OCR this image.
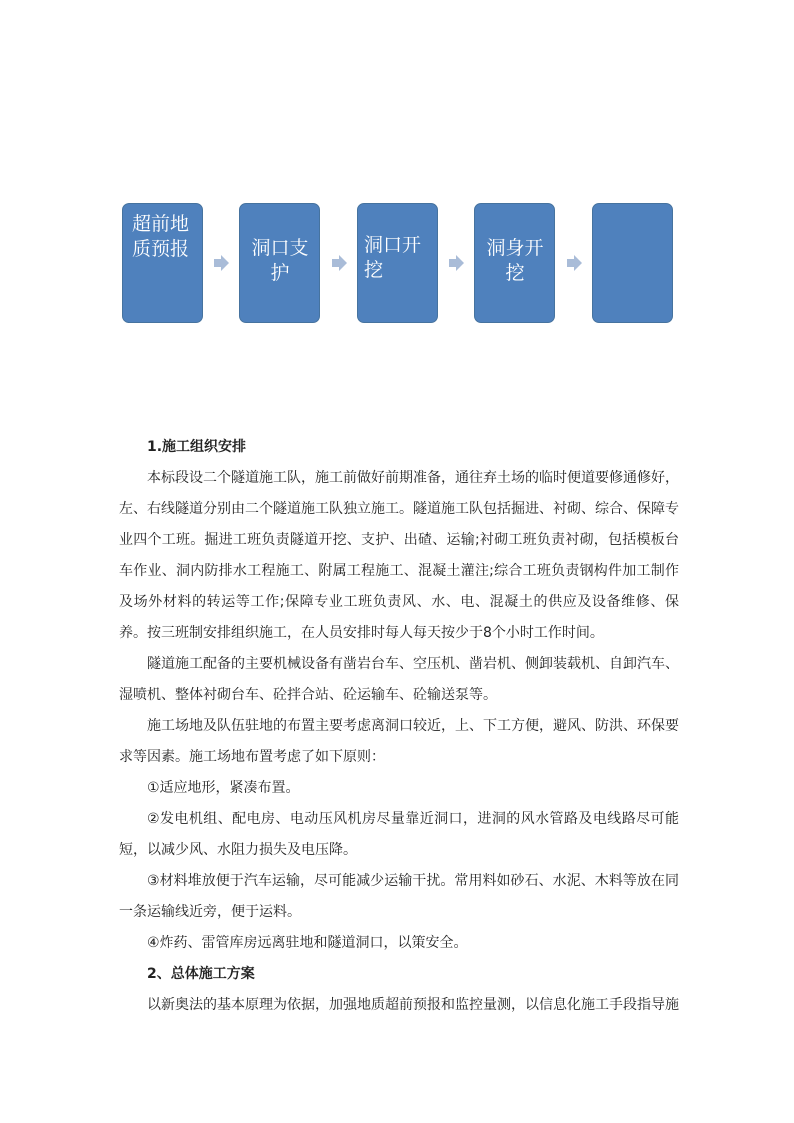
超前地质预报	洞口支护
洞口开挖
洞身开挖
1.施工组织安排

本标段设二个隧道施工队，施工前做好前期准备，通往弃土场的临时便道要修通修好，左、右线隧道分别由二个隧道施工队独立施工。隧道施工队包括掘进、衬砌、综合、保障专业四个工班。掘进工班负责隧道开挖、支护、出碴、运输;衬砌工班负责衬砌，包括模板台车作业、洞内防排水工程施工、附属工程施工、混凝土灌注;综合工班负责钢构件加工制作及场外材料的转运等工作;保障专业工班负责风、水、电、混凝土的供应及设备维修、保养。按三班制安排组织施工，在人员安排时每人每天按少于8个小时工作时间。

隧道施工配备的主要机械设备有凿岩台车、空压机、凿岩机、侧卸装载机、自卸汽车、湿喷机、整体衬砌台车、砼拌合站、砼运输车、砼输送泵等。

施工场地及队伍驻地的布置主要考虑离洞口较近，上、下工方便，避风、防洪、环保要求等因素。施工场地布置考虑了如下原则：

①适应地形，紧凑布置。

②发电机组、配电房、电动压风机房尽量靠近洞口，进洞的风水管路及电线路尽可能短，以减少风、水阻力损失及电压降。

③材料堆放便于汽车运输，尽可能减少运输干扰。常用料如砂石、水泥、木料等放在同一条运输线近旁，便于运料。

④炸药、雷管库房远离驻地和隧道洞口，以策安全。

2、总体施工方案

以新奥法的基本原理为依据，加强地质超前预报和监控量测，以信息化施工手段指导施
